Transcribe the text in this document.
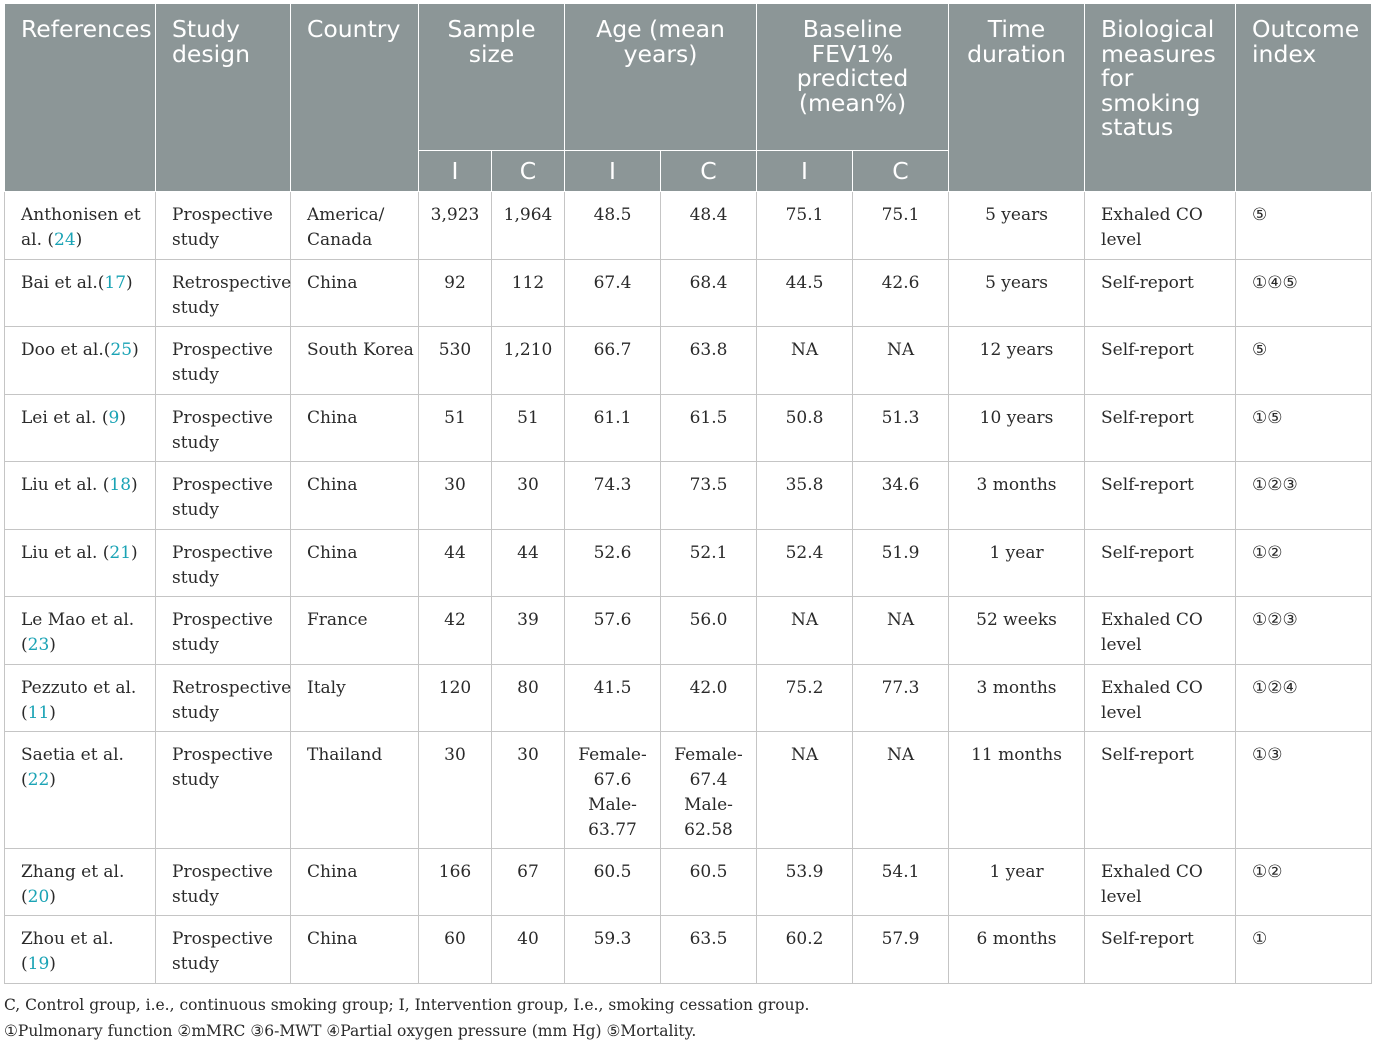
References	Study design	Country	Sample size		Age (mean years)		Baseline FEV1% predicted (mean%)		Time duration	Biological measures for smoking status	Outcome index
			I	C	I	C	I	C			
Anthonisen et al. (24)	Prospective study	America/ Canada	3,923	1,964	48.5	48.4	75.1	75.1	5 years	Exhaled CO level	⑤
Bai et al.(17)	Retrospective study	China	92	112	67.4	68.4	44.5	42.6	5 years	Self-report	①④⑤
Doo et al.(25)	Prospective study	South Korea	530	1,210	66.7	63.8	NA	NA	12 years	Self-report	⑤
Lei et al. (9)	Prospective study	China	51	51	61.1	61.5	50.8	51.3	10 years	Self-report	①⑤
Liu et al. (18)	Prospective study	China	30	30	74.3	73.5	35.8	34.6	3 months	Self-report	①②③
Liu et al. (21)	Prospective study	China	44	44	52.6	52.1	52.4	51.9	1 year	Self-report	①②
Le Mao et al. (23)	Prospective study	France	42	39	57.6	56.0	NA	NA	52 weeks	Exhaled CO level	①②③
Pezzuto et al. (11)	Retrospective study	Italy	120	80	41.5	42.0	75.2	77.3	3 months	Exhaled CO level	①②④
Saetia et al. (22)	Prospective study	Thailand	30	30	Female- 67.6 Male- 63.77	Female- 67.4 Male- 62.58	NA	NA	11 months	Self-report	①③
Zhang et al. (20)	Prospective study	China	166	67	60.5	60.5	53.9	54.1	1 year	Exhaled CO level	①②
Zhou et al. (19)	Prospective study	China	60	40	59.3	63.5	60.2	57.9	6 months	Self-report	①
C, Control group, i.e., continuous smoking group; I, Intervention group, I.e., smoking cessation group.
①Pulmonary function ②mMRC ③6-MWT ④Partial oxygen pressure (mm Hg) ⑤Mortality.
